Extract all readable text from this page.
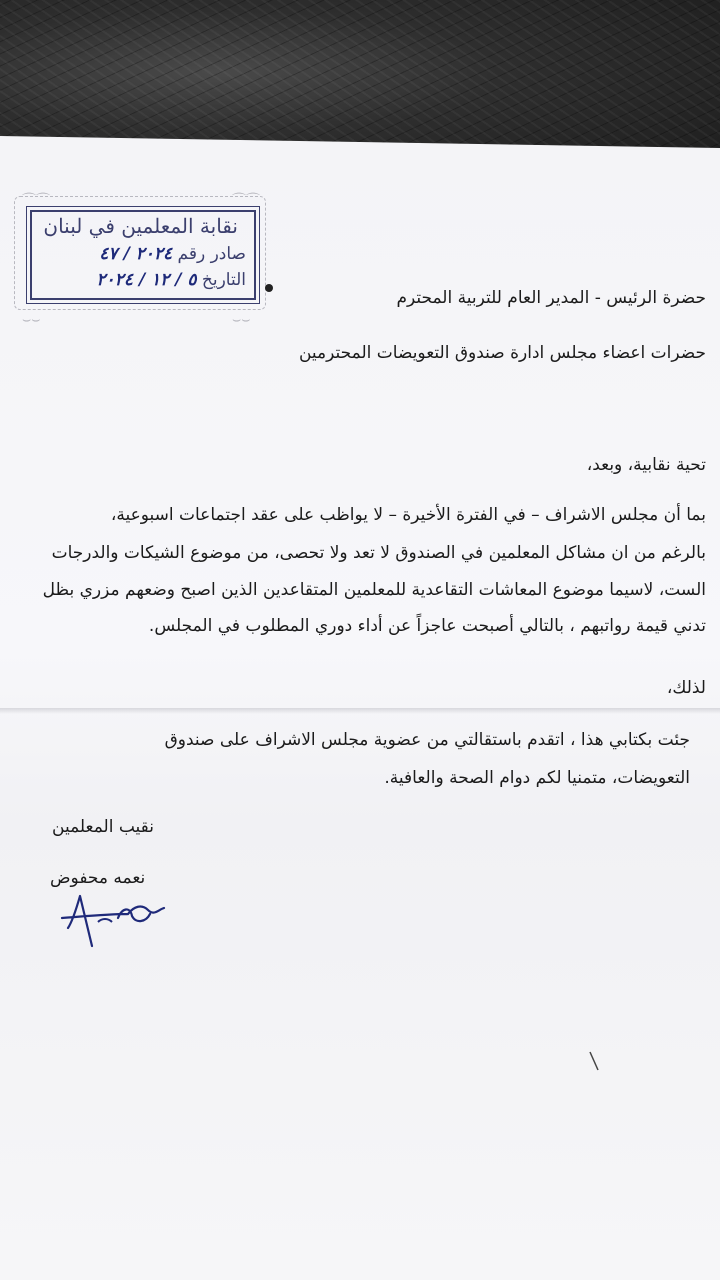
⌒⌒	⌒⌒
⌣⌣	⌣⌣
نقابة المعلمين في لبنان
صادر رقم ٢٠٢٤ / ٤٧
التاريخ ٥ / ١٢ / ٢٠٢٤
حضرة الرئيس - المدير العام للتربية المحترم
حضرات اعضاء مجلس ادارة صندوق التعويضات المحترمين
تحية نقابية، وبعد،
بما أن مجلس الاشراف – في الفترة الأخيرة – لا يواظب على عقد اجتماعات اسبوعية،
بالرغم من ان مشاكل المعلمين في الصندوق لا تعد ولا تحصى، من موضوع الشيكات والدرجات
الست، لاسيما موضوع المعاشات التقاعدية للمعلمين المتقاعدين الذين اصبح وضعهم مزري بظل
تدني قيمة رواتبهم ، بالتالي أصبحت عاجزاً عن أداء دوري المطلوب في المجلس.
لذلك،
جئت بكتابي هذا ، اتقدم باستقالتي من عضوية مجلس الاشراف على صندوق
التعويضات، متمنيا لكم دوام الصحة والعافية.
نقيب المعلمين
نعمه محفوض
